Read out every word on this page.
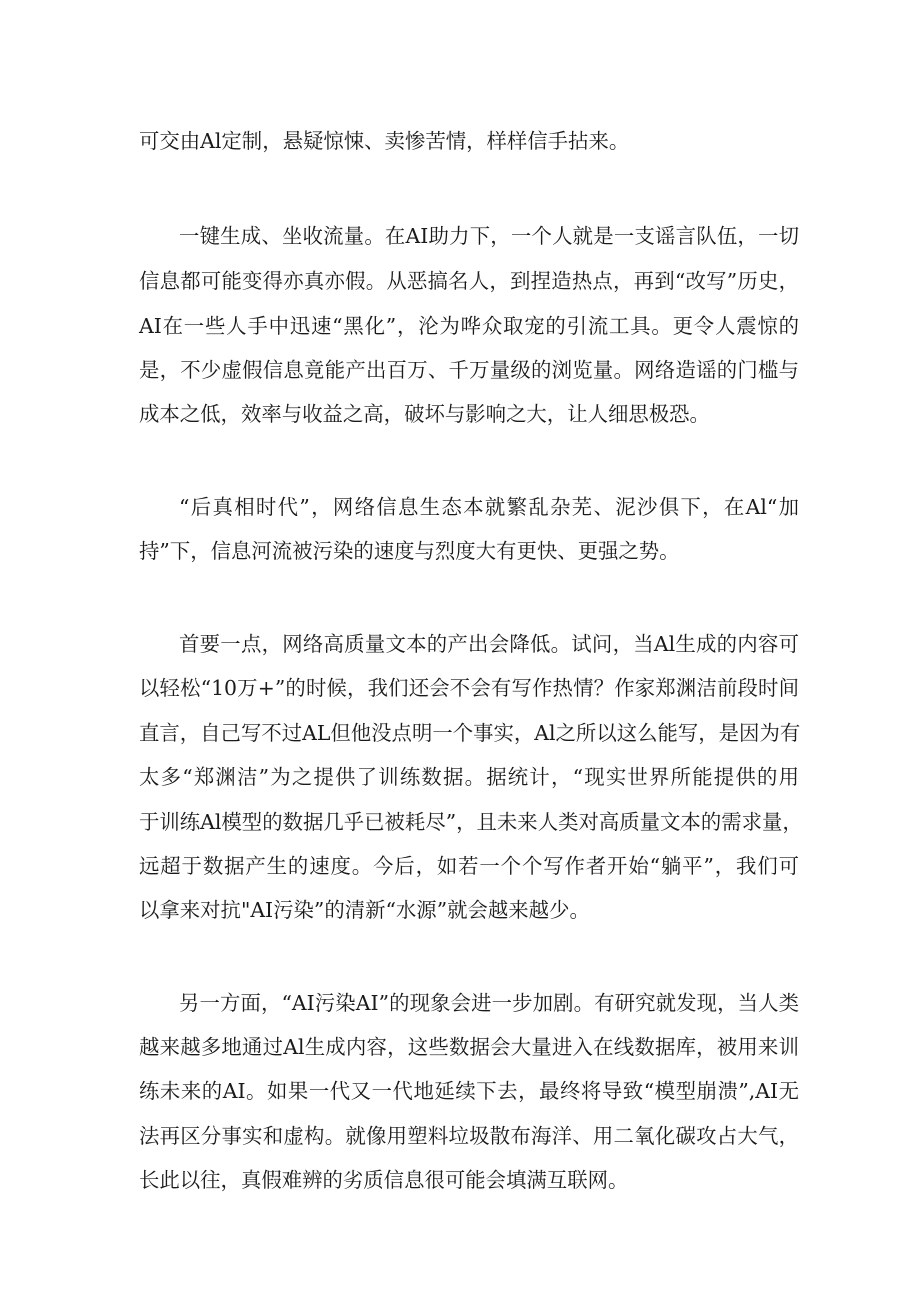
可交由Al定制，悬疑惊悚、卖惨苦情，样样信手拈来。
一键生成、坐收流量。在AI助力下，一个人就是一支谣言队伍，一切
信息都可能变得亦真亦假。从恶搞名人，到捏造热点，再到“改写”历史，
AI在一些人手中迅速“黑化”，沦为哗众取宠的引流工具。更令人震惊的
是，不少虚假信息竟能产出百万、千万量级的浏览量。网络造谣的门槛与
成本之低，效率与收益之高，破坏与影响之大，让人细思极恐。
“后真相时代”，网络信息生态本就繁乱杂芜、泥沙俱下，在Al“加
持”下，信息河流被污染的速度与烈度大有更快、更强之势。
首要一点，网络高质量文本的产出会降低。试问，当Al生成的内容可
以轻松“10万+”的时候，我们还会不会有写作热情？作家郑渊洁前段时间
直言，自己写不过AL但他没点明一个事实，Al之所以这么能写，是因为有
太多“郑渊洁”为之提供了训练数据。据统计，“现实世界所能提供的用
于训练Al模型的数据几乎已被耗尽”，且未来人类对高质量文本的需求量，
远超于数据产生的速度。今后，如若一个个写作者开始“躺平”，我们可
以拿来对抗"AI污染”的清新“水源”就会越来越少。
另一方面，“AI污染AI”的现象会进一步加剧。有研究就发现，当人类
越来越多地通过Al生成内容，这些数据会大量进入在线数据库，被用来训
练未来的AI。如果一代又一代地延续下去，最终将导致“模型崩溃”,AI无
法再区分事实和虚构。就像用塑料垃圾散布海洋、用二氧化碳攻占大气，
长此以往，真假难辨的劣质信息很可能会填满互联网。
